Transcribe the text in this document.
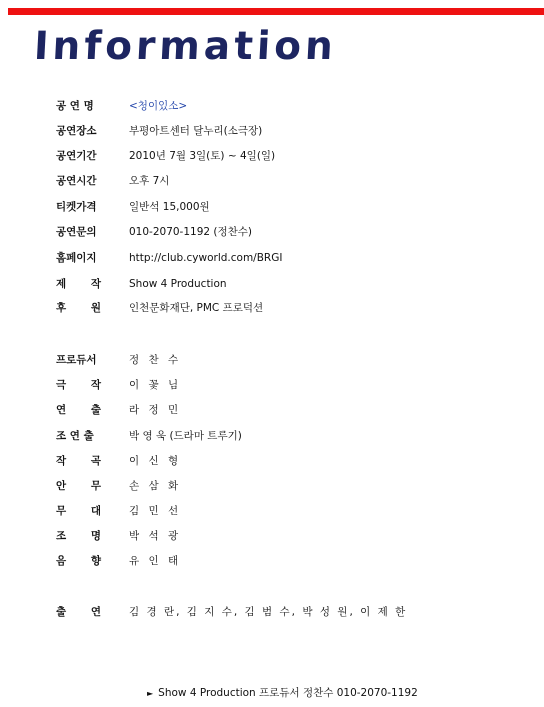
Information
공 연 명	<청이있소>
공연장소	부평아트센터 달누리(소극장)
공연기간	2010년 7월 3일(토) ~ 4일(일)
공연시간	오후 7시
티켓가격	일반석 15,000원
공연문의	010-2070-1192 (정찬수)
홈페이지	http://club.cyworld.com/BRGI
제 작	Show 4 Production
후 원	인천문화재단, PMC 프로덕션
프로듀서	정 찬 수
극 작	이 꽃 님
연 출	라 정 민
조 연 출	박 영 욱 (드라마 트루기)
작 곡	이 신 형
안 무	손 삼 화
무 대	김 민 선
조 명	박 석 광
음 향	유 인 태
출 연	김 경 란, 김 지 수, 김 범 수, 박 성 원, 이 제 한
► Show 4 Production 프로듀서 정찬수 010-2070-1192
